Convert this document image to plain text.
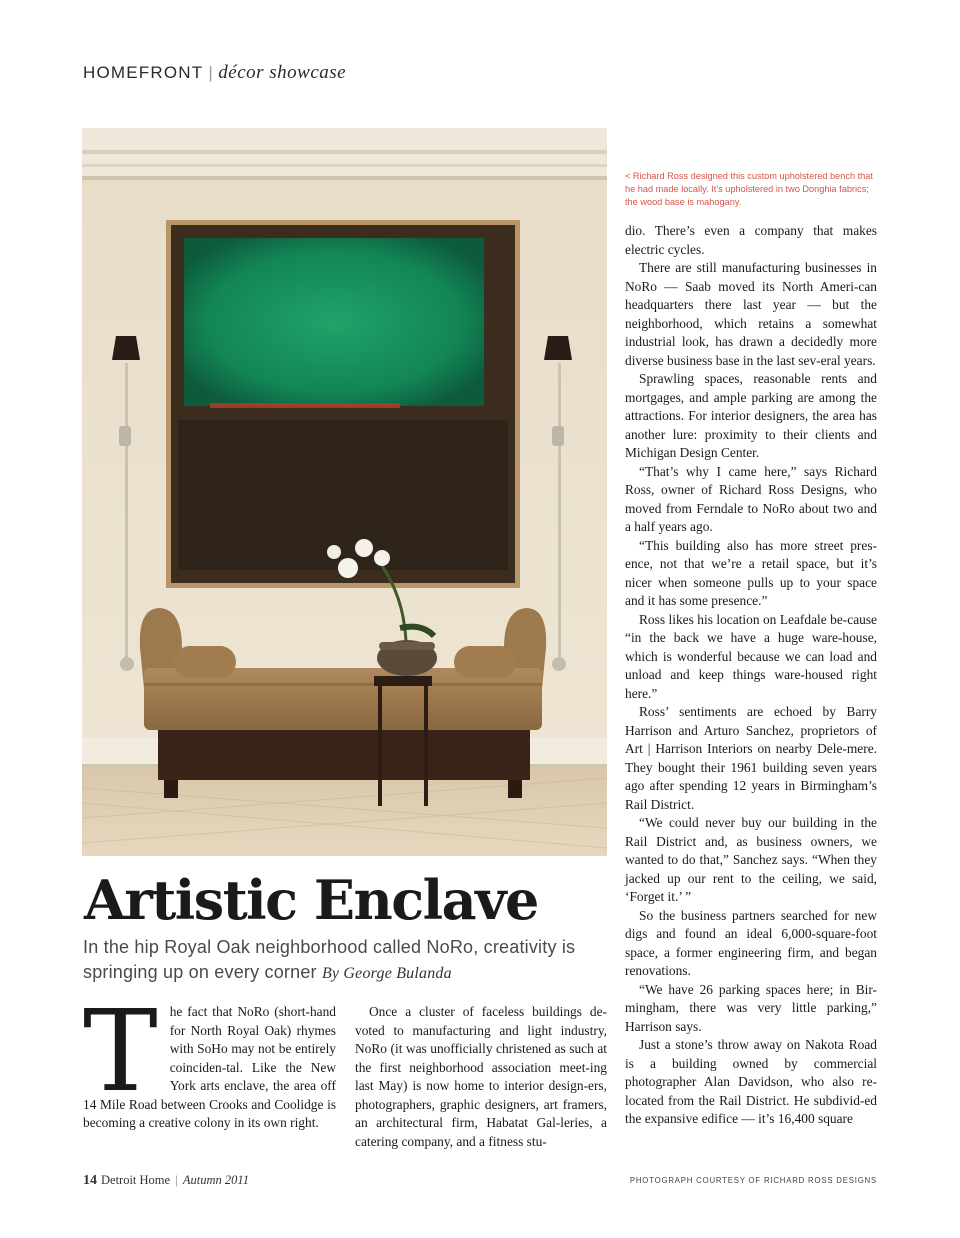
HOMEFRONT | décor showcase
< Richard Ross designed this custom upholstered bench that he had made locally. It’s upholstered in two Donghia fabrics; the wood base is mahogany.

dio. There’s even a company that makes electric cycles.

There are still manufacturing businesses in NoRo — Saab moved its North Ameri-can headquarters there last year — but the neighborhood, which retains a somewhat industrial look, has drawn a decidedly more diverse business base in the last sev-eral years.

Sprawling spaces, reasonable rents and mortgages, and ample parking are among the attractions. For interior designers, the area has another lure: proximity to their clients and Michigan Design Center.

“That’s why I came here,” says Richard Ross, owner of Richard Ross Designs, who moved from Ferndale to NoRo about two and a half years ago.

“This building also has more street pres-ence, not that we’re a retail space, but it’s nicer when someone pulls up to your space and it has some presence.”

Ross likes his location on Leafdale be-cause “in the back we have a huge ware-house, which is wonderful because we can load and unload and keep things ware-housed right here.”

Ross’ sentiments are echoed by Barry Harrison and Arturo Sanchez, proprietors of Art | Harrison Interiors on nearby Dele-mere. They bought their 1961 building seven years ago after spending 12 years in Birmingham’s Rail District.

“We could never buy our building in the Rail District and, as business owners, we wanted to do that,” Sanchez says. “When they jacked up our rent to the ceiling, we said, ‘Forget it.’ ”

So the business partners searched for new digs and found an ideal 6,000-square-foot space, a former engineering firm, and began renovations.

“We have 26 parking spaces here; in Bir-mingham, there was very little parking,” Harrison says.

Just a stone’s throw away on Nakota Road is a building owned by commercial photographer Alan Davidson, who also re-located from the Rail District. He subdivid-ed the expansive edifice — it’s 16,400 square

Artistic Enclave
In the hip Royal Oak neighborhood called NoRo, creativity is springing up on every corner By George Bulanda
T he fact that NoRo (short-hand for North Royal Oak) rhymes with SoHo may not be entirely coinciden-tal. Like the New York arts enclave, the area off 14 Mile Road between Crooks and Coolidge is becoming a creative colony in its own right.

Once a cluster of faceless buildings de-voted to manufacturing and light industry, NoRo (it was unofficially christened as such at the first neighborhood association meet-ing last May) is now home to interior design-ers, photographers, graphic designers, art framers, an architectural firm, Habatat Gal-leries, a catering company, and a fitness stu-

14 Detroit Home | Autumn 2011	PHOTOGRAPH COURTESY OF RICHARD ROSS DESIGNS
